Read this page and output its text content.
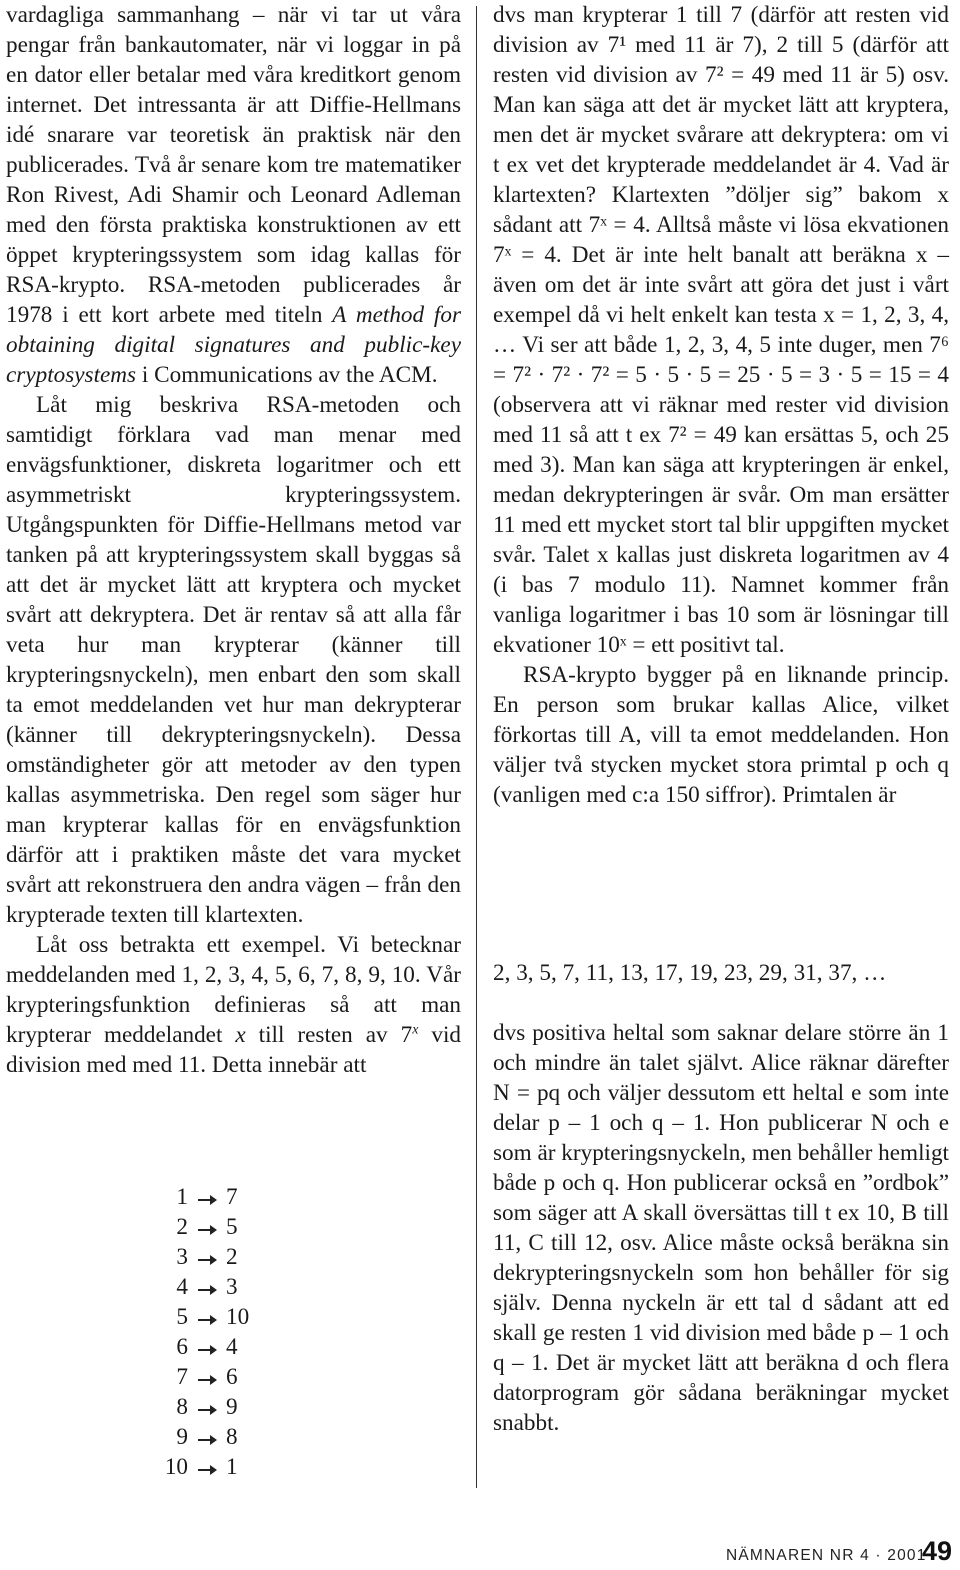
vardagliga sammanhang – när vi tar ut våra pengar från bankautomater, när vi loggar in på en dator eller betalar med våra kreditkort genom internet. Det intressanta är att Diffie-Hellmans idé snarare var teoretisk än praktisk när den publicerades. Två år senare kom tre matematiker Ron Rivest, Adi Shamir och Leonard Adleman med den första praktiska konstruktionen av ett öppet krypteringssystem som idag kallas för RSA-krypto. RSA-metoden publicerades år 1978 i ett kort arbete med titeln A method for obtaining digital signatures and public-key cryptosystems i Communications av the ACM.

Låt mig beskriva RSA-metoden och samtidigt förklara vad man menar med envägsfunktioner, diskreta logaritmer och ett asymmetriskt krypteringssystem. Utgångspunkten för Diffie-Hellmans metod var tanken på att krypteringssystem skall byggas så att det är mycket lätt att kryptera och mycket svårt att dekryptera. Det är rentav så att alla får veta hur man krypterar (känner till krypteringsnyckeln), men enbart den som skall ta emot meddelanden vet hur man dekrypterar (känner till dekrypteringsnyckeln). Dessa omständigheter gör att metoder av den typen kallas asymmetriska. Den regel som säger hur man krypterar kallas för en envägsfunktion därför att i praktiken måste det vara mycket svårt att rekonstruera den andra vägen – från den krypterade texten till klartexten.

Låt oss betrakta ett exempel. Vi betecknar meddelanden med 1, 2, 3, 4, 5, 6, 7, 8, 9, 10. Vår krypteringsfunktion definieras så att man krypterar meddelandet x till resten av 7$^x$ vid division med med 11. Detta innebär att

1 7
2 5
3 2
4 3
5 10
6 4
7 6
8 9
9 8
10 1

dvs man krypterar 1 till 7 (därför att resten vid division av 7¹ med 11 är 7), 2 till 5 (därför att resten vid division av 7² = 49 med 11 är 5) osv. Man kan säga att det är mycket lätt att kryptera, men det är mycket svårare att dekryptera: om vi t ex vet det krypterade meddelandet är 4. Vad är klartexten? Klartexten ”döljer sig” bakom x sådant att 7ˣ = 4. Alltså måste vi lösa ekvationen 7ˣ = 4. Det är inte helt banalt att beräkna x – även om det är inte svårt att göra det just i vårt exempel då vi helt enkelt kan testa x = 1, 2, 3, 4, … Vi ser att både 1, 2, 3, 4, 5 inte duger, men 7⁶ = 7² · 7² · 7² = 5 · 5 · 5 = 25 · 5 = 3 · 5 = 15 = 4 (observera att vi räknar med rester vid division med 11 så att t ex 7² = 49 kan ersättas 5, och 25 med 3). Man kan säga att krypteringen är enkel, medan dekrypteringen är svår. Om man ersätter 11 med ett mycket stort tal blir uppgiften mycket svår. Talet x kallas just diskreta logaritmen av 4 (i bas 7 modulo 11). Namnet kommer från vanliga logaritmer i bas 10 som är lösningar till ekvationer 10ˣ = ett positivt tal.

RSA-krypto bygger på en liknande princip. En person som brukar kallas Alice, vilket förkortas till A, vill ta emot meddelanden. Hon väljer två stycken mycket stora primtal p och q (vanligen med c:a 150 siffror). Primtalen är

2, 3, 5, 7, 11, 13, 17, 19, 23, 29, 31, 37, …

dvs positiva heltal som saknar delare större än 1 och mindre än talet självt. Alice räknar därefter N = pq och väljer dessutom ett heltal e som inte delar p – 1 och q – 1. Hon publicerar N och e som är krypteringsnyckeln, men behåller hemligt både p och q. Hon publicerar också en ”ordbok” som säger att A skall översättas till t ex 10, B till 11, C till 12, osv. Alice måste också beräkna sin dekrypteringsnyckeln som hon behåller för sig själv. Denna nyckeln är ett tal d sådant att ed skall ge resten 1 vid division med både p – 1 och q – 1. Det är mycket lätt att beräkna d och flera datorprogram gör sådana beräkningar mycket snabbt.

NÄMNAREN NR 4 · 2001
49
